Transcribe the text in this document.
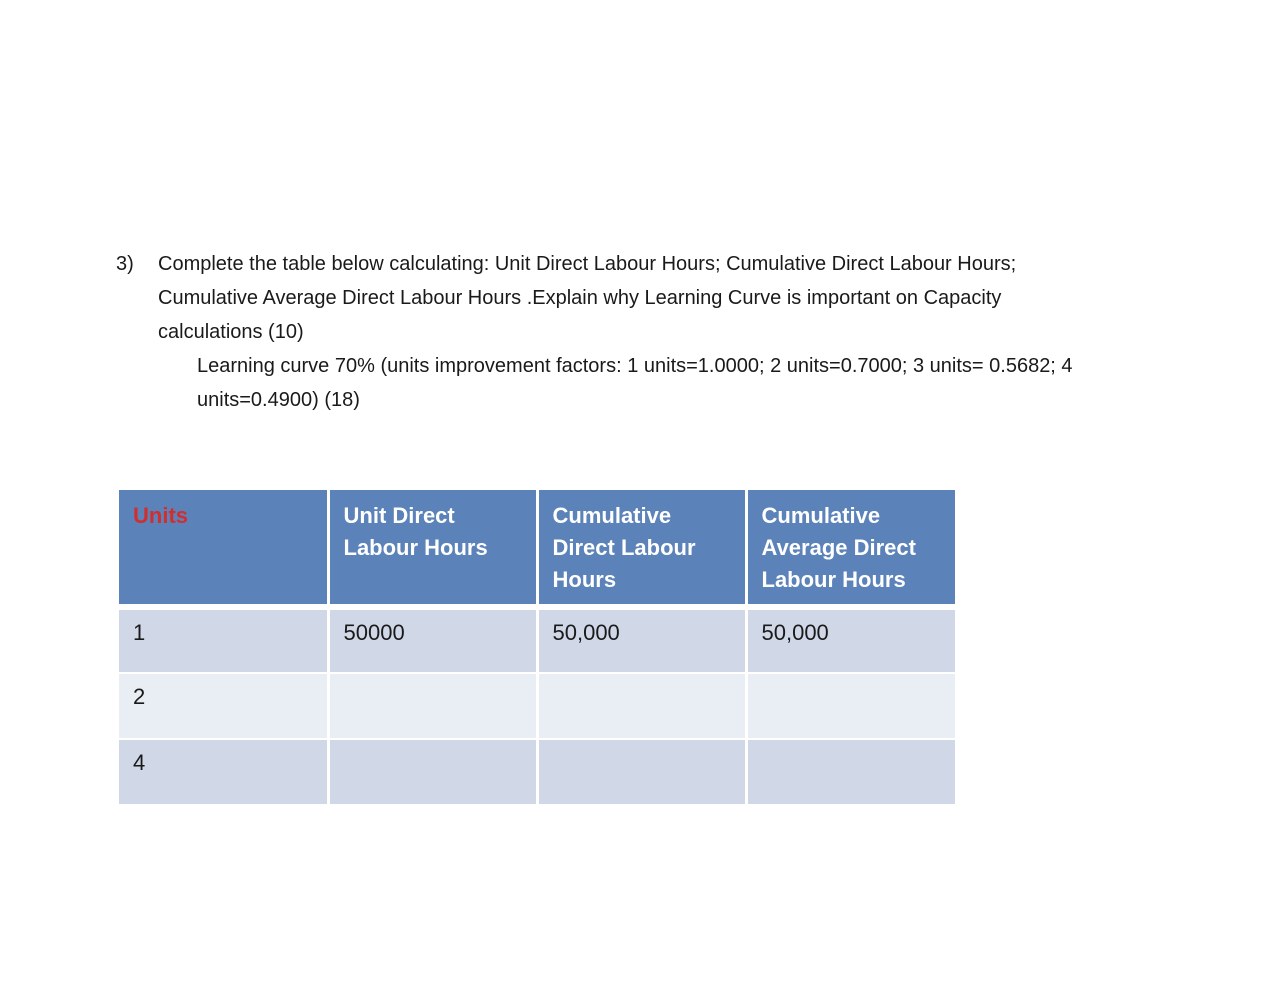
3)	Complete the table below calculating: Unit Direct Labour Hours; Cumulative Direct Labour Hours;
Cumulative Average Direct Labour Hours .Explain why Learning Curve is important on Capacity
calculations (10)
Learning curve 70% (units improvement factors: 1 units=1.0000; 2 units=0.7000; 3 units= 0.5682; 4
units=0.4900) (18)
Units	Unit Direct Labour Hours	Cumulative Direct Labour Hours	Cumulative Average Direct Labour Hours
1	50000	50,000	50,000
2			
4			
